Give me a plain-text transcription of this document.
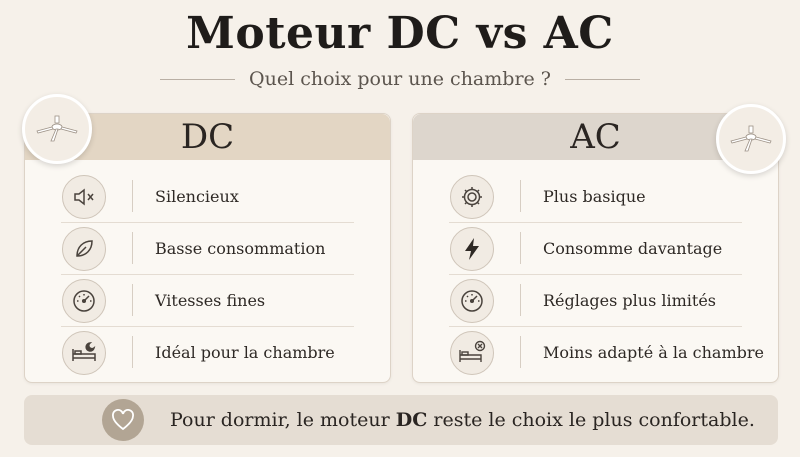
Moteur DC vs AC
Quel choix pour une chambre ?
DC
Silencieux
Basse consommation
Vitesses fines
Idéal pour la chambre
AC
Plus basique
Consomme davantage
Réglages plus limités
Moins adapté à la chambre
Pour dormir, le moteur DC reste le choix le plus confortable.
